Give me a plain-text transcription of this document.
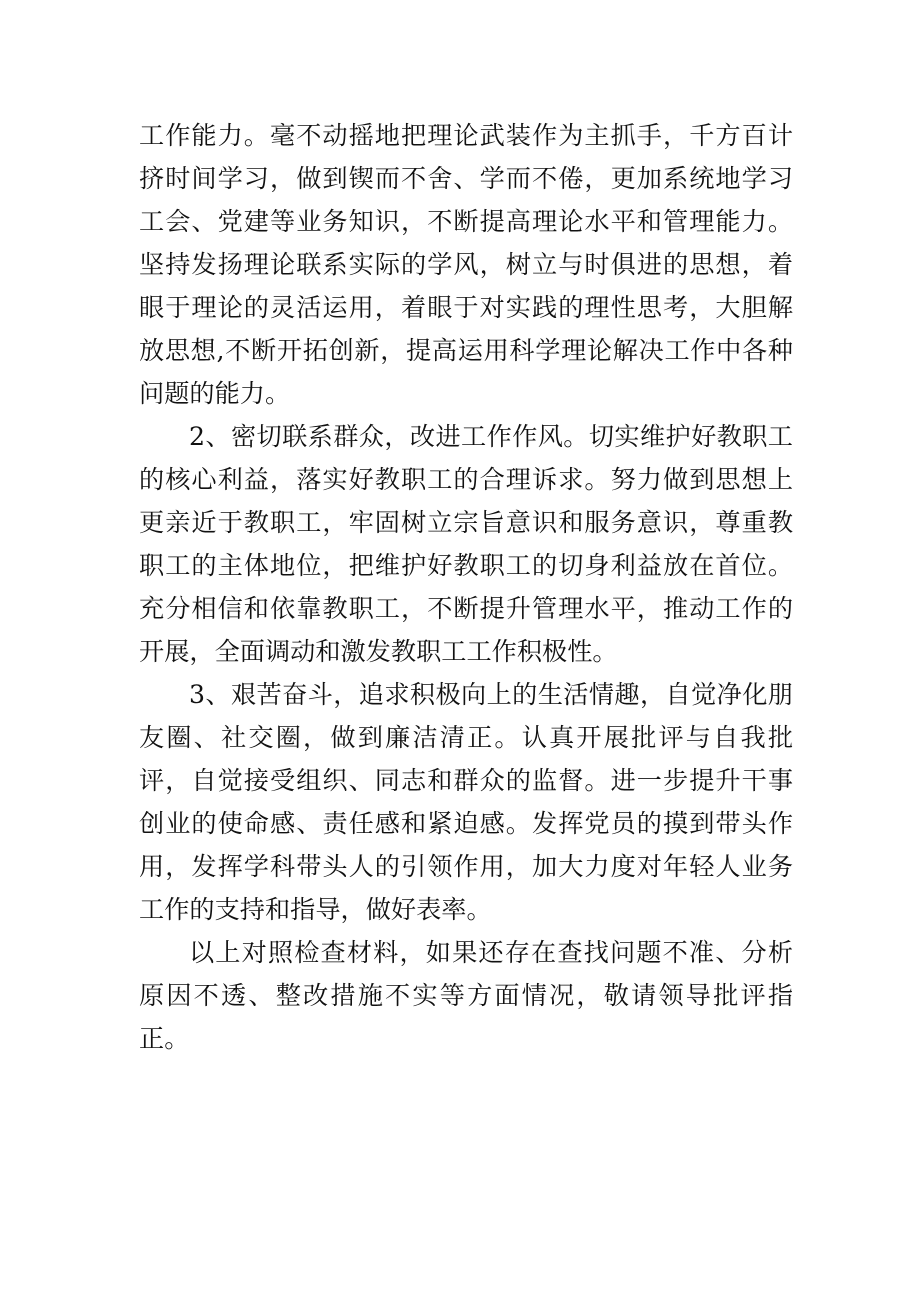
工作能力。毫不动摇地把理论武装作为主抓手，千方百计挤时间学习，做到锲而不舍、学而不倦，更加系统地学习工会、党建等业务知识，不断提高理论水平和管理能力。坚持发扬理论联系实际的学风，树立与时俱进的思想，着眼于理论的灵活运用，着眼于对实践的理性思考，大胆解放思想,不断开拓创新，提高运用科学理论解决工作中各种问题的能力。

2、密切联系群众，改进工作作风。切实维护好教职工的核心利益，落实好教职工的合理诉求。努力做到思想上更亲近于教职工，牢固树立宗旨意识和服务意识，尊重教职工的主体地位，把维护好教职工的切身利益放在首位。充分相信和依靠教职工，不断提升管理水平，推动工作的开展，全面调动和激发教职工工作积极性。

3、艰苦奋斗，追求积极向上的生活情趣，自觉净化朋友圈、社交圈，做到廉洁清正。认真开展批评与自我批评，自觉接受组织、同志和群众的监督。进一步提升干事创业的使命感、责任感和紧迫感。发挥党员的摸到带头作用，发挥学科带头人的引领作用，加大力度对年轻人业务工作的支持和指导，做好表率。

以上对照检查材料，如果还存在查找问题不准、分析原因不透、整改措施不实等方面情况，敬请领导批评指正。
